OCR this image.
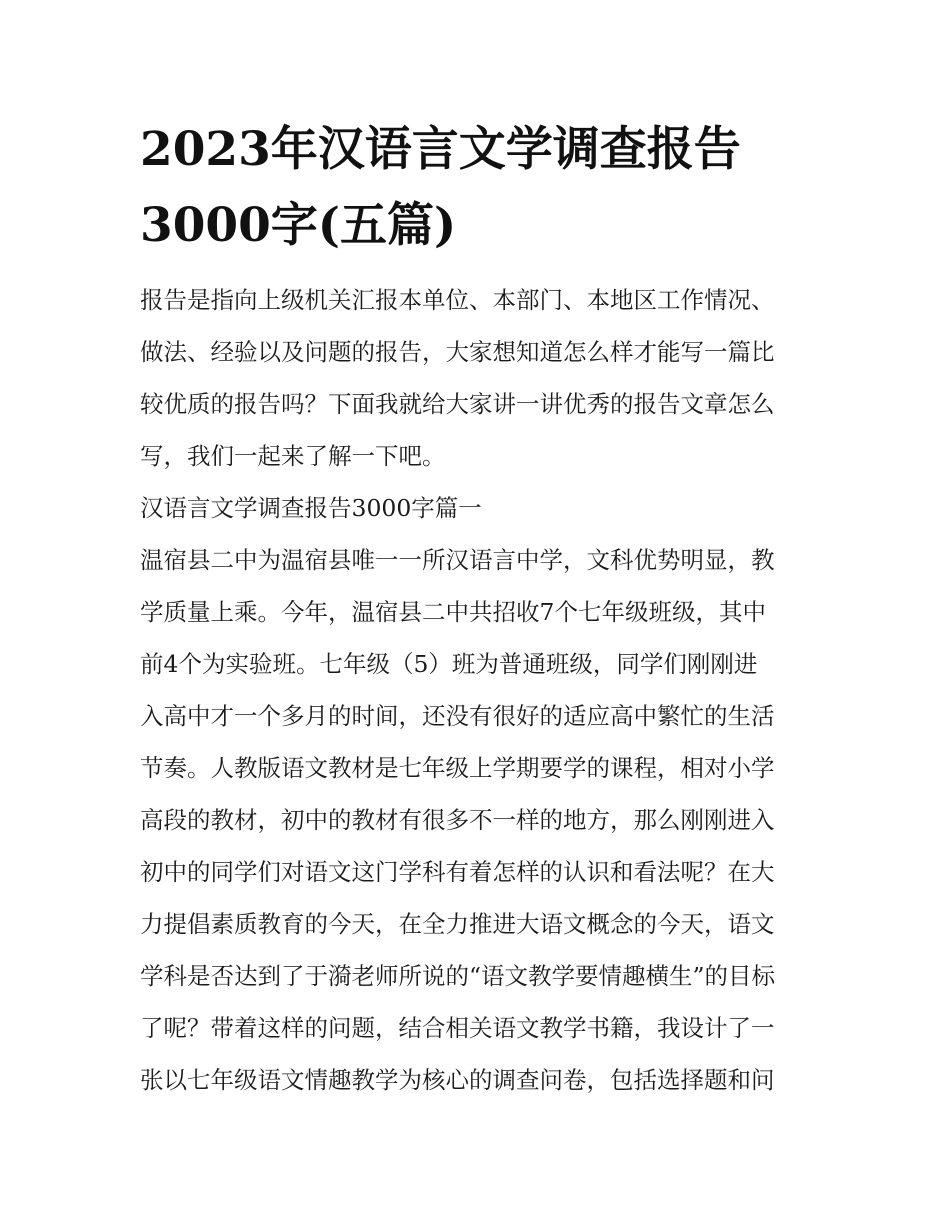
2023年汉语言文学调查报告
3000字(五篇)

报告是指向上级机关汇报本单位、本部门、本地区工作情况、
做法、经验以及问题的报告，大家想知道怎么样才能写一篇比
较优质的报告吗？下面我就给大家讲一讲优秀的报告文章怎么
写，我们一起来了解一下吧。

汉语言文学调查报告3000字篇一

温宿县二中为温宿县唯一一所汉语言中学，文科优势明显，教
学质量上乘。今年，温宿县二中共招收7个七年级班级，其中
前4个为实验班。七年级（5）班为普通班级，同学们刚刚进
入高中才一个多月的时间，还没有很好的适应高中繁忙的生活
节奏。人教版语文教材是七年级上学期要学的课程，相对小学
高段的教材，初中的教材有很多不一样的地方，那么刚刚进入
初中的同学们对语文这门学科有着怎样的认识和看法呢？在大
力提倡素质教育的今天，在全力推进大语文概念的今天，语文
学科是否达到了于漪老师所说的“语文教学要情趣横生”的目标
了呢？带着这样的问题，结合相关语文教学书籍，我设计了一
张以七年级语文情趣教学为核心的调查问卷，包括选择题和问
